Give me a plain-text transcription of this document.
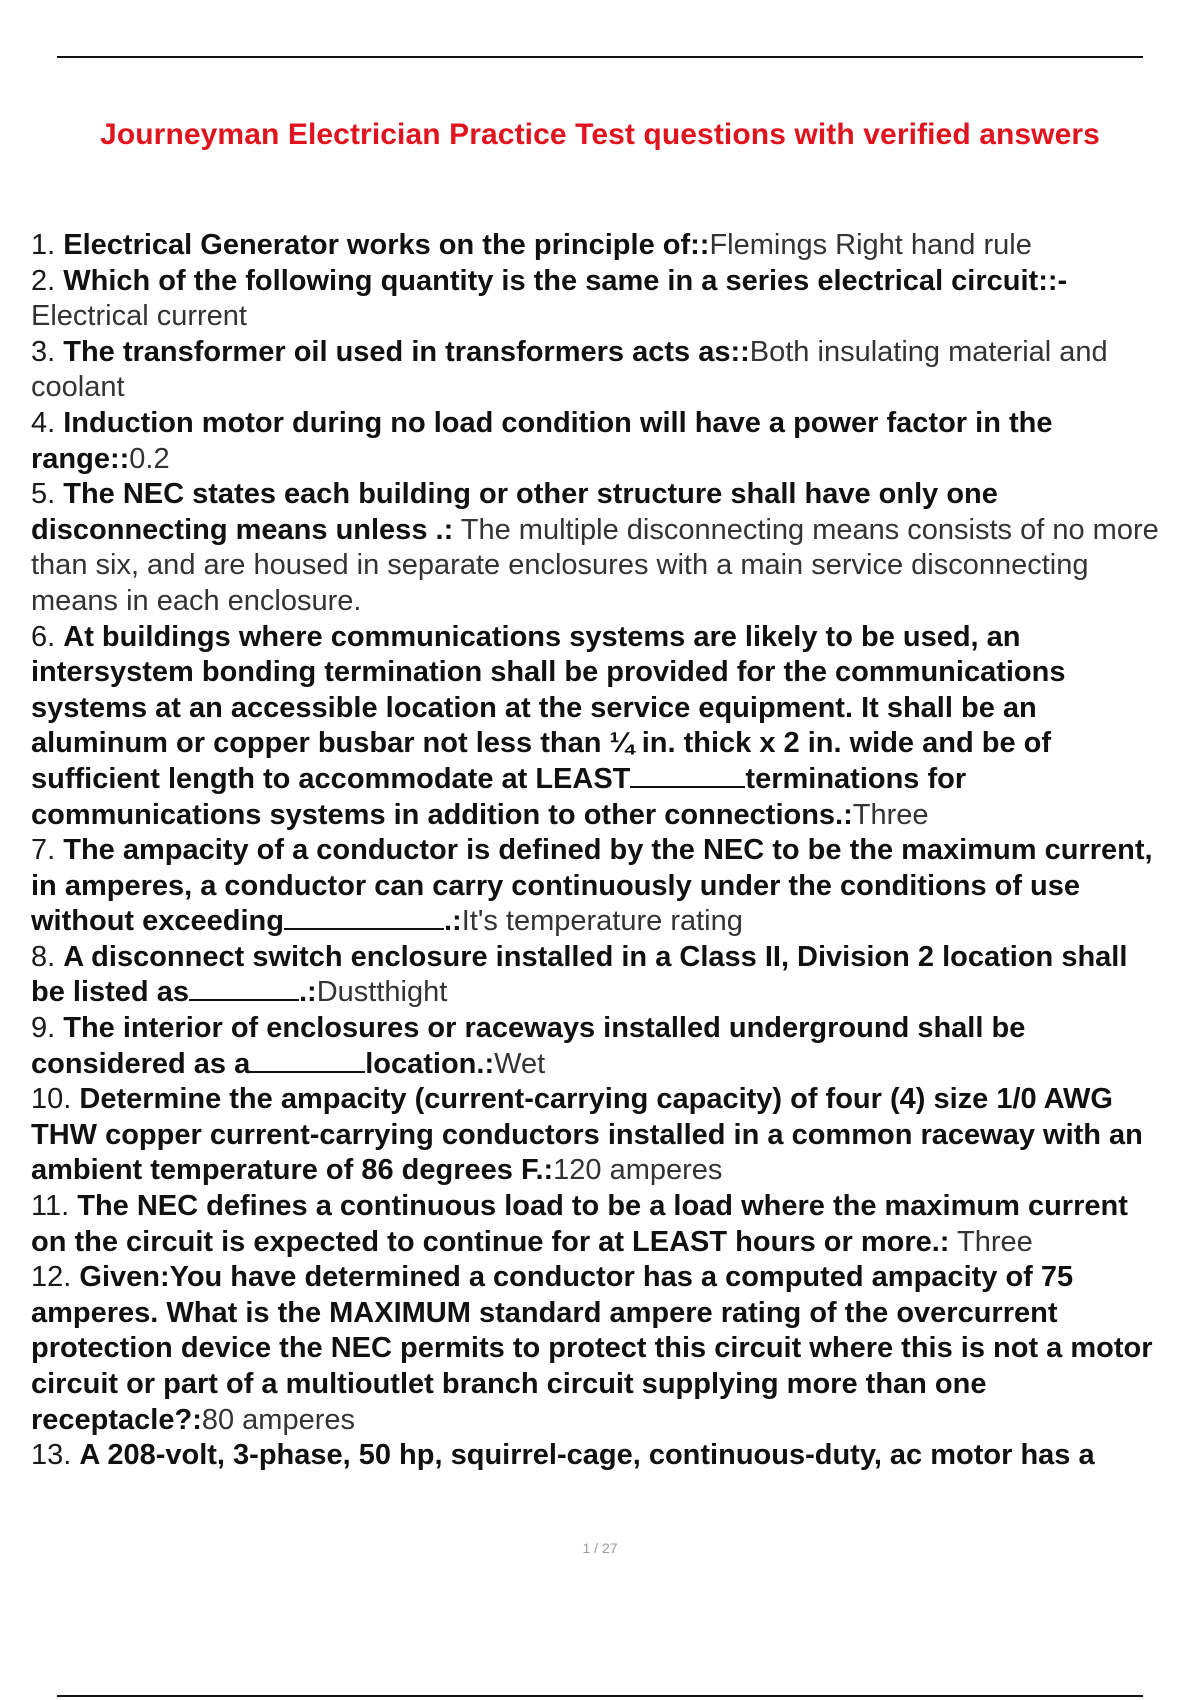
Journeyman Electrician Practice Test questions with verified answers
1. Electrical Generator works on the principle of::Flemings Right hand rule
2. Which of the following quantity is the same in a series electrical circuit::- Electrical current
3. The transformer oil used in transformers acts as::Both insulating material and coolant
4. Induction motor during no load condition will have a power factor in the range::0.2
5. The NEC states each building or other structure shall have only one disconnecting means unless .: The multiple disconnecting means consists of no more than six, and are housed in separate enclosures with a main service disconnecting means in each enclosure.
6. At buildings where communications systems are likely to be used, an intersystem bonding termination shall be provided for the communications systems at an accessible location at the service equipment. It shall be an aluminum or copper busbar not less than ¼ in. thick x 2 in. wide and be of sufficient length to accommodate at LEAST	terminations for communications systems in addition to other connections.:Three
7. The ampacity of a conductor is defined by the NEC to be the maximum current, in amperes, a conductor can carry continuously under the conditions of use without exceeding	.:It's temperature rating
8. A disconnect switch enclosure installed in a Class II, Division 2 location shall be listed as	.:Dustthight
9. The interior of enclosures or raceways installed underground shall be considered as a	location.:Wet
10. Determine the ampacity (current-carrying capacity) of four (4) size 1/0 AWG THW copper current-carrying conductors installed in a common raceway with an ambient temperature of 86 degrees F.:120 amperes
11. The NEC defines a continuous load to be a load where the maximum current on the circuit is expected to continue for at LEAST hours or more.: Three
12. Given:You have determined a conductor has a computed ampacity of 75 amperes. What is the MAXIMUM standard ampere rating of the overcurrent protection device the NEC permits to protect this circuit where this is not a motor circuit or part of a multioutlet branch circuit supplying more than one receptacle?:80 amperes
13. A 208-volt, 3-phase, 50 hp, squirrel-cage, continuous-duty, ac motor has a
1 / 27
